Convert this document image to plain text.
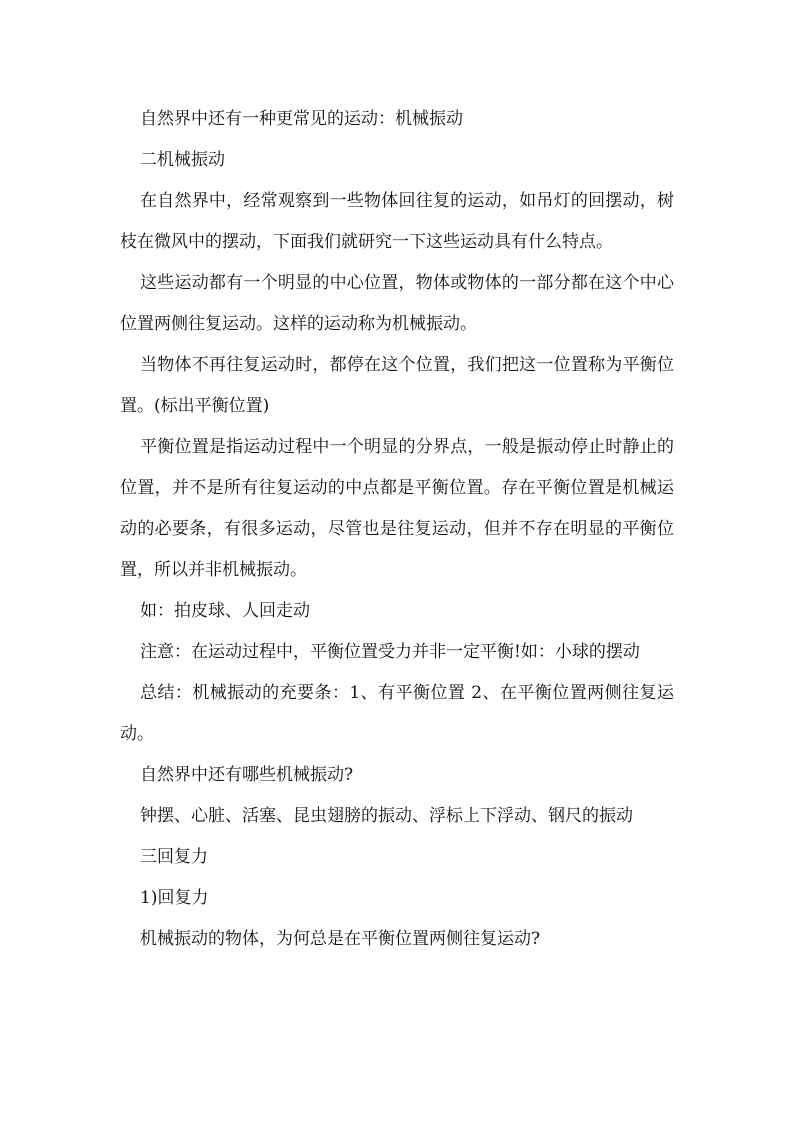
自然界中还有一种更常见的运动：机械振动

二机械振动

在自然界中，经常观察到一些物体回往复的运动，如吊灯的回摆动，树枝在微风中的摆动，下面我们就研究一下这些运动具有什么特点。

这些运动都有一个明显的中心位置，物体或物体的一部分都在这个中心位置两侧往复运动。这样的运动称为机械振动。

当物体不再往复运动时，都停在这个位置，我们把这一位置称为平衡位置。(标出平衡位置)

平衡位置是指运动过程中一个明显的分界点，一般是振动停止时静止的位置，并不是所有往复运动的中点都是平衡位置。存在平衡位置是机械运动的必要条，有很多运动，尽管也是往复运动，但并不存在明显的平衡位置，所以并非机械振动。

如：拍皮球、人回走动

注意：在运动过程中，平衡位置受力并非一定平衡!如：小球的摆动

总结：机械振动的充要条：1、有平衡位置 2、在平衡位置两侧往复运动。

自然界中还有哪些机械振动?

钟摆、心脏、活塞、昆虫翅膀的振动、浮标上下浮动、钢尺的振动

三回复力

1)回复力

机械振动的物体，为何总是在平衡位置两侧往复运动?
